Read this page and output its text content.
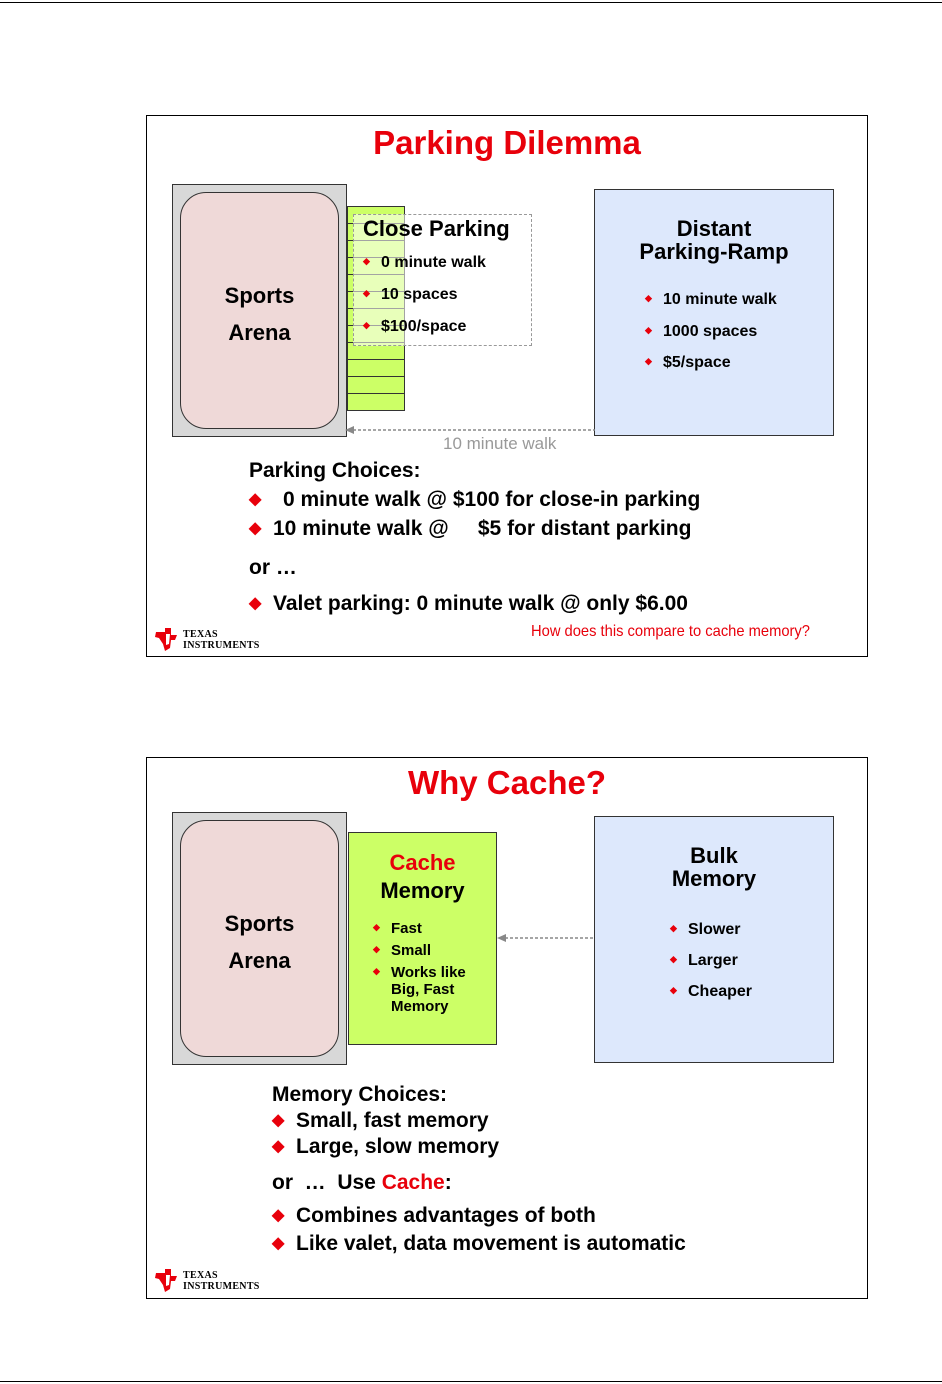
Parking Dilemma
Sports
Arena
Close Parking
◆ 0 minute walk
◆ 10 spaces
◆ $100/space
Distant
Parking-Ramp
◆ 10 minute walk
◆ 1000 spaces
◆ $5/space
10 minute walk
Parking Choices:
◆ 0 minute walk @ $100 for close-in parking
◆ 10 minute walk @     $5 for distant parking
or …
◆ Valet parking: 0 minute walk @ only $6.00
How does this compare to cache memory?
TEXAS
INSTRUMENTS
Why Cache?
Sports
Arena
Cache
Memory
◆ Fast
◆ Small
◆ Works like
Big, Fast
Memory
Bulk
Memory
◆ Slower
◆ Larger
◆ Cheaper
Memory Choices:
◆ Small, fast memory
◆ Large, slow memory
or  …  Use Cache:
◆ Combines advantages of both
◆ Like valet, data movement is automatic
TEXAS
INSTRUMENTS
